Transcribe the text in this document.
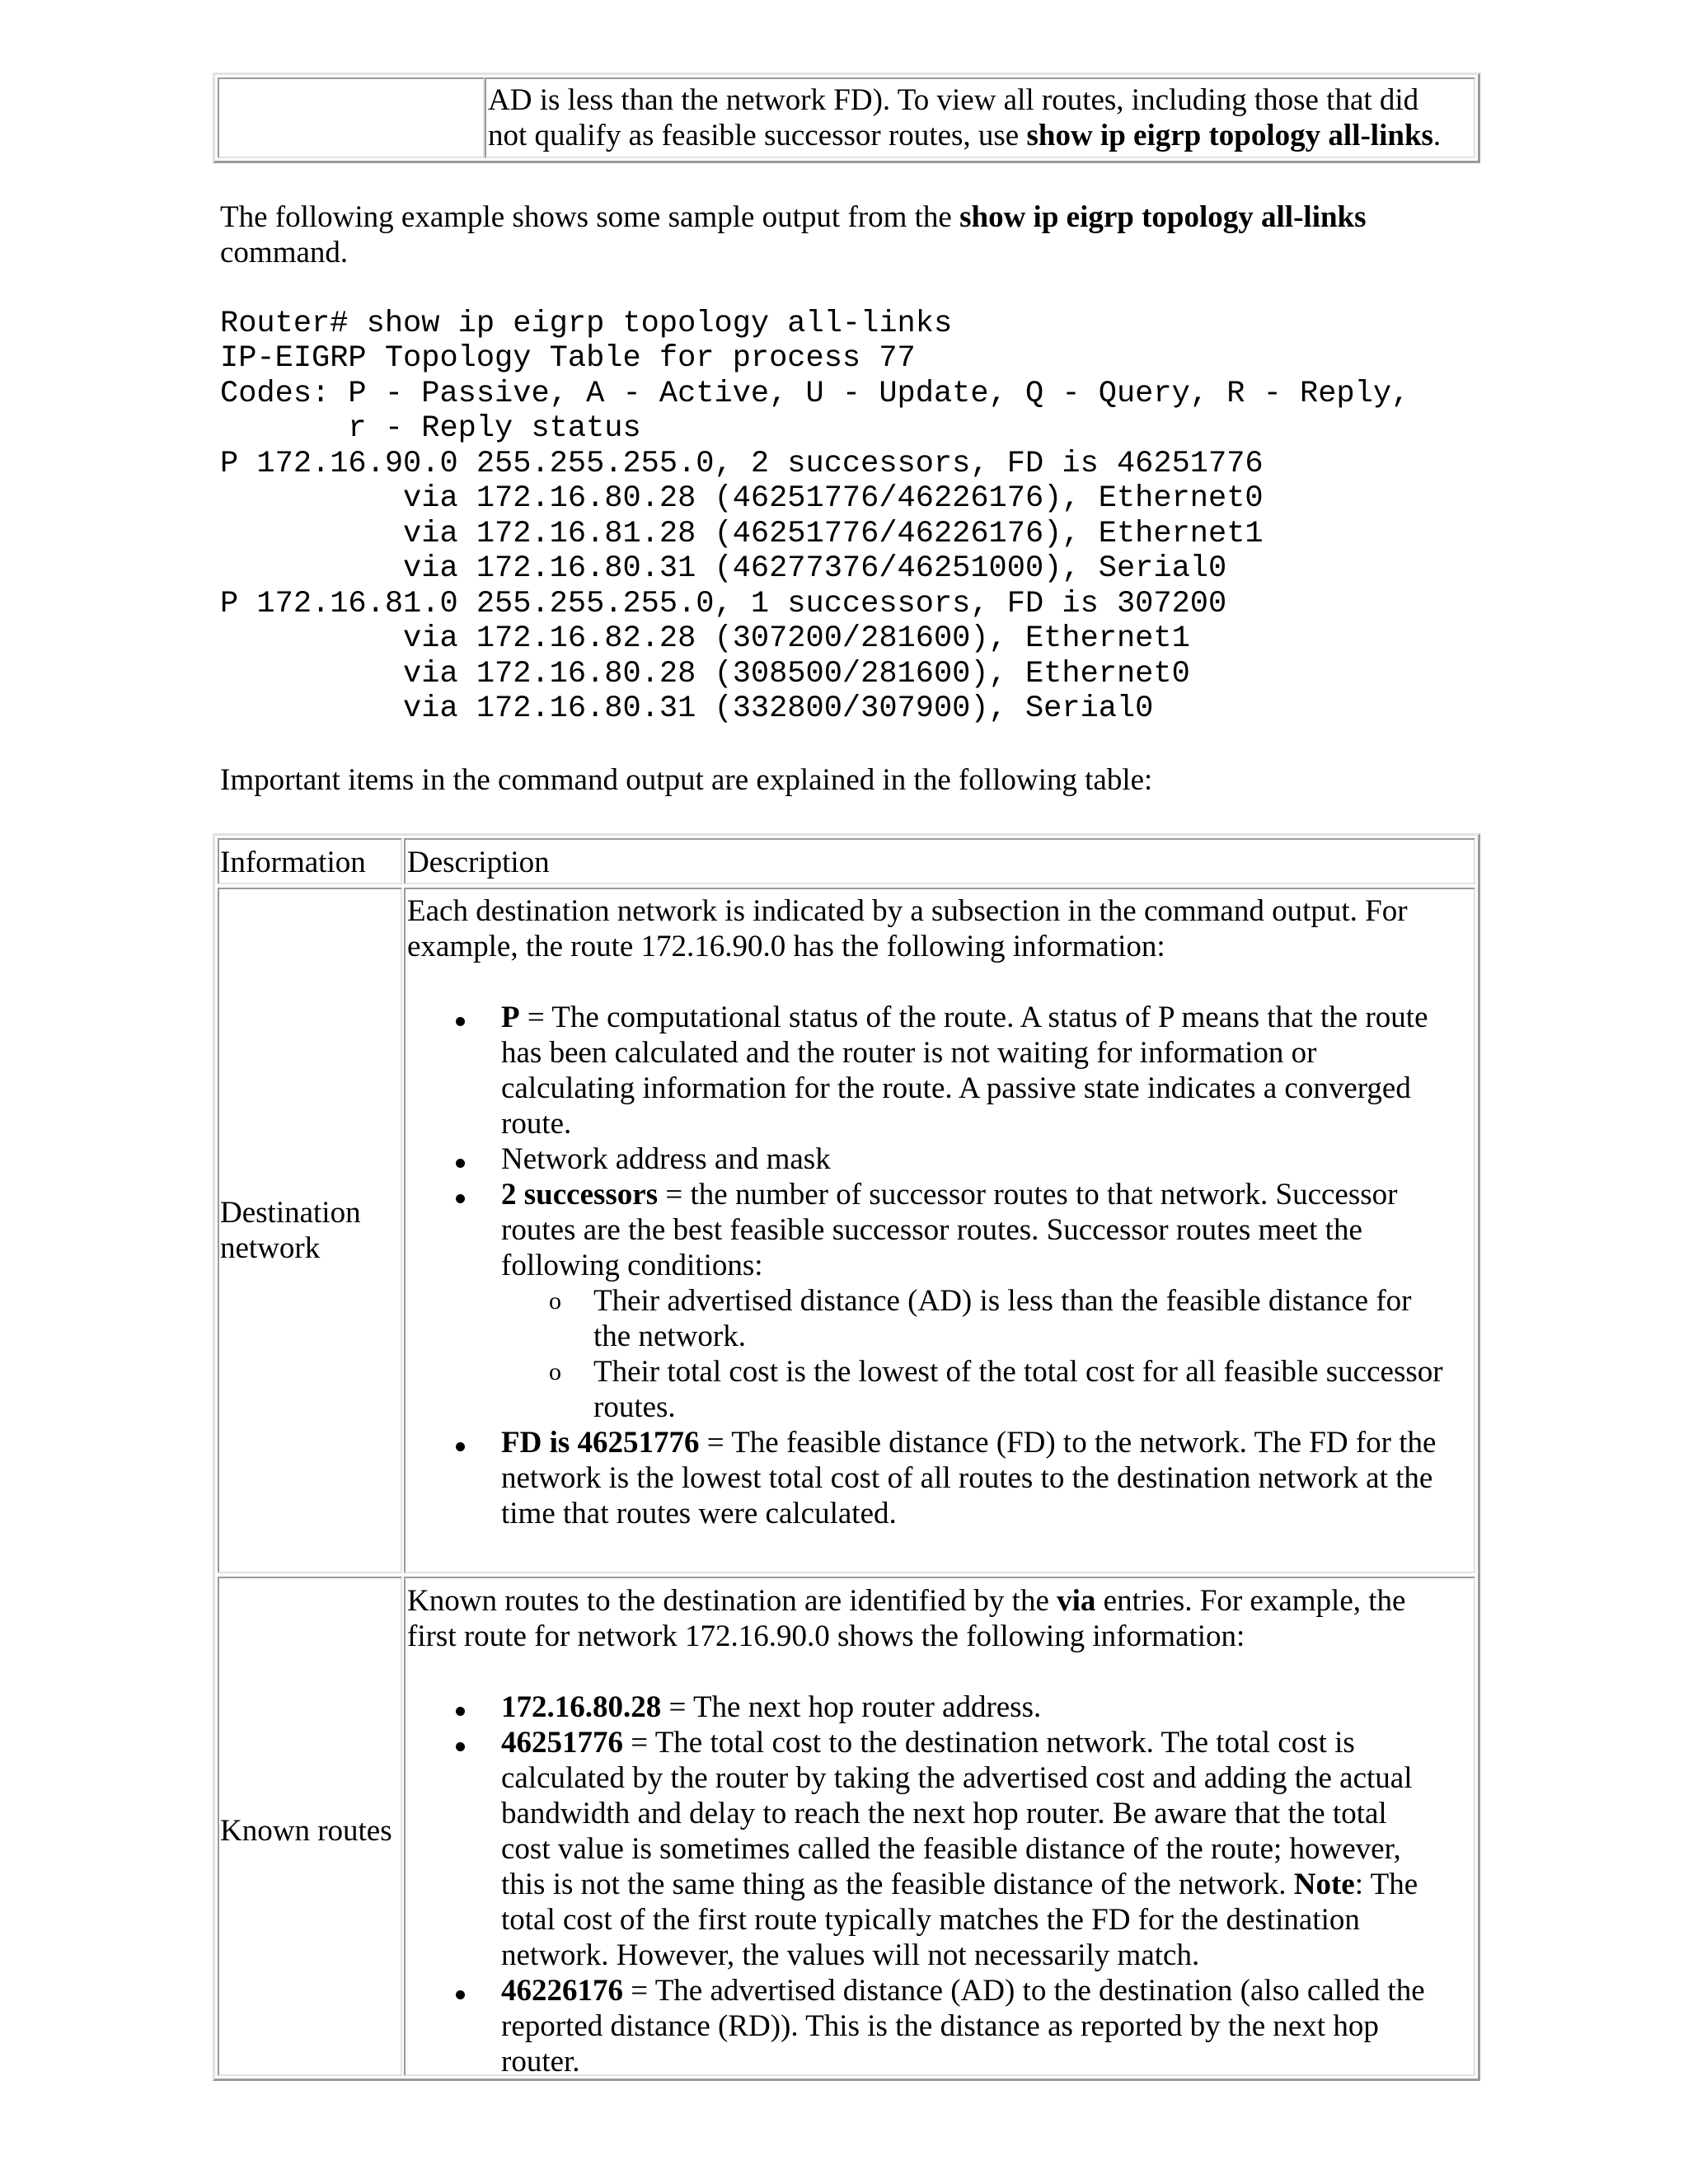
AD is less than the network FD). To view all routes, including those that did
not qualify as feasible successor routes, use show ip eigrp topology all-links.
The following example shows some sample output from the show ip eigrp topology all-links
command.
Router# show ip eigrp topology all-links
IP-EIGRP Topology Table for process 77
Codes: P - Passive, A - Active, U - Update, Q - Query, R - Reply,
r - Reply status
P 172.16.90.0 255.255.255.0, 2 successors, FD is 46251776
via 172.16.80.28 (46251776/46226176), Ethernet0
via 172.16.81.28 (46251776/46226176), Ethernet1
via 172.16.80.31 (46277376/46251000), Serial0
P 172.16.81.0 255.255.255.0, 1 successors, FD is 307200
via 172.16.82.28 (307200/281600), Ethernet1
via 172.16.80.28 (308500/281600), Ethernet0
via 172.16.80.31 (332800/307900), Serial0
Important items in the command output are explained in the following table:
Information Description
Destination
network
Each destination network is indicated by a subsection in the command output. For
example, the route 172.16.90.0 has the following information:
P = The computational status of the route. A status of P means that the route
has been calculated and the router is not waiting for information or
calculating information for the route. A passive state indicates a converged
route.
Network address and mask
2 successors = the number of successor routes to that network. Successor
routes are the best feasible successor routes. Successor routes meet the
following conditions:
o Their advertised distance (AD) is less than the feasible distance for
the network.
o Their total cost is the lowest of the total cost for all feasible successor
routes.
FD is 46251776 = The feasible distance (FD) to the network. The FD for the
network is the lowest total cost of all routes to the destination network at the
time that routes were calculated.
Known routes
Known routes to the destination are identified by the via entries. For example, the
first route for network 172.16.90.0 shows the following information:
172.16.80.28 = The next hop router address.
46251776 = The total cost to the destination network. The total cost is
calculated by the router by taking the advertised cost and adding the actual
bandwidth and delay to reach the next hop router. Be aware that the total
cost value is sometimes called the feasible distance of the route; however,
this is not the same thing as the feasible distance of the network. Note: The
total cost of the first route typically matches the FD for the destination
network. However, the values will not necessarily match.
46226176 = The advertised distance (AD) to the destination (also called the
reported distance (RD)). This is the distance as reported by the next hop
router.
